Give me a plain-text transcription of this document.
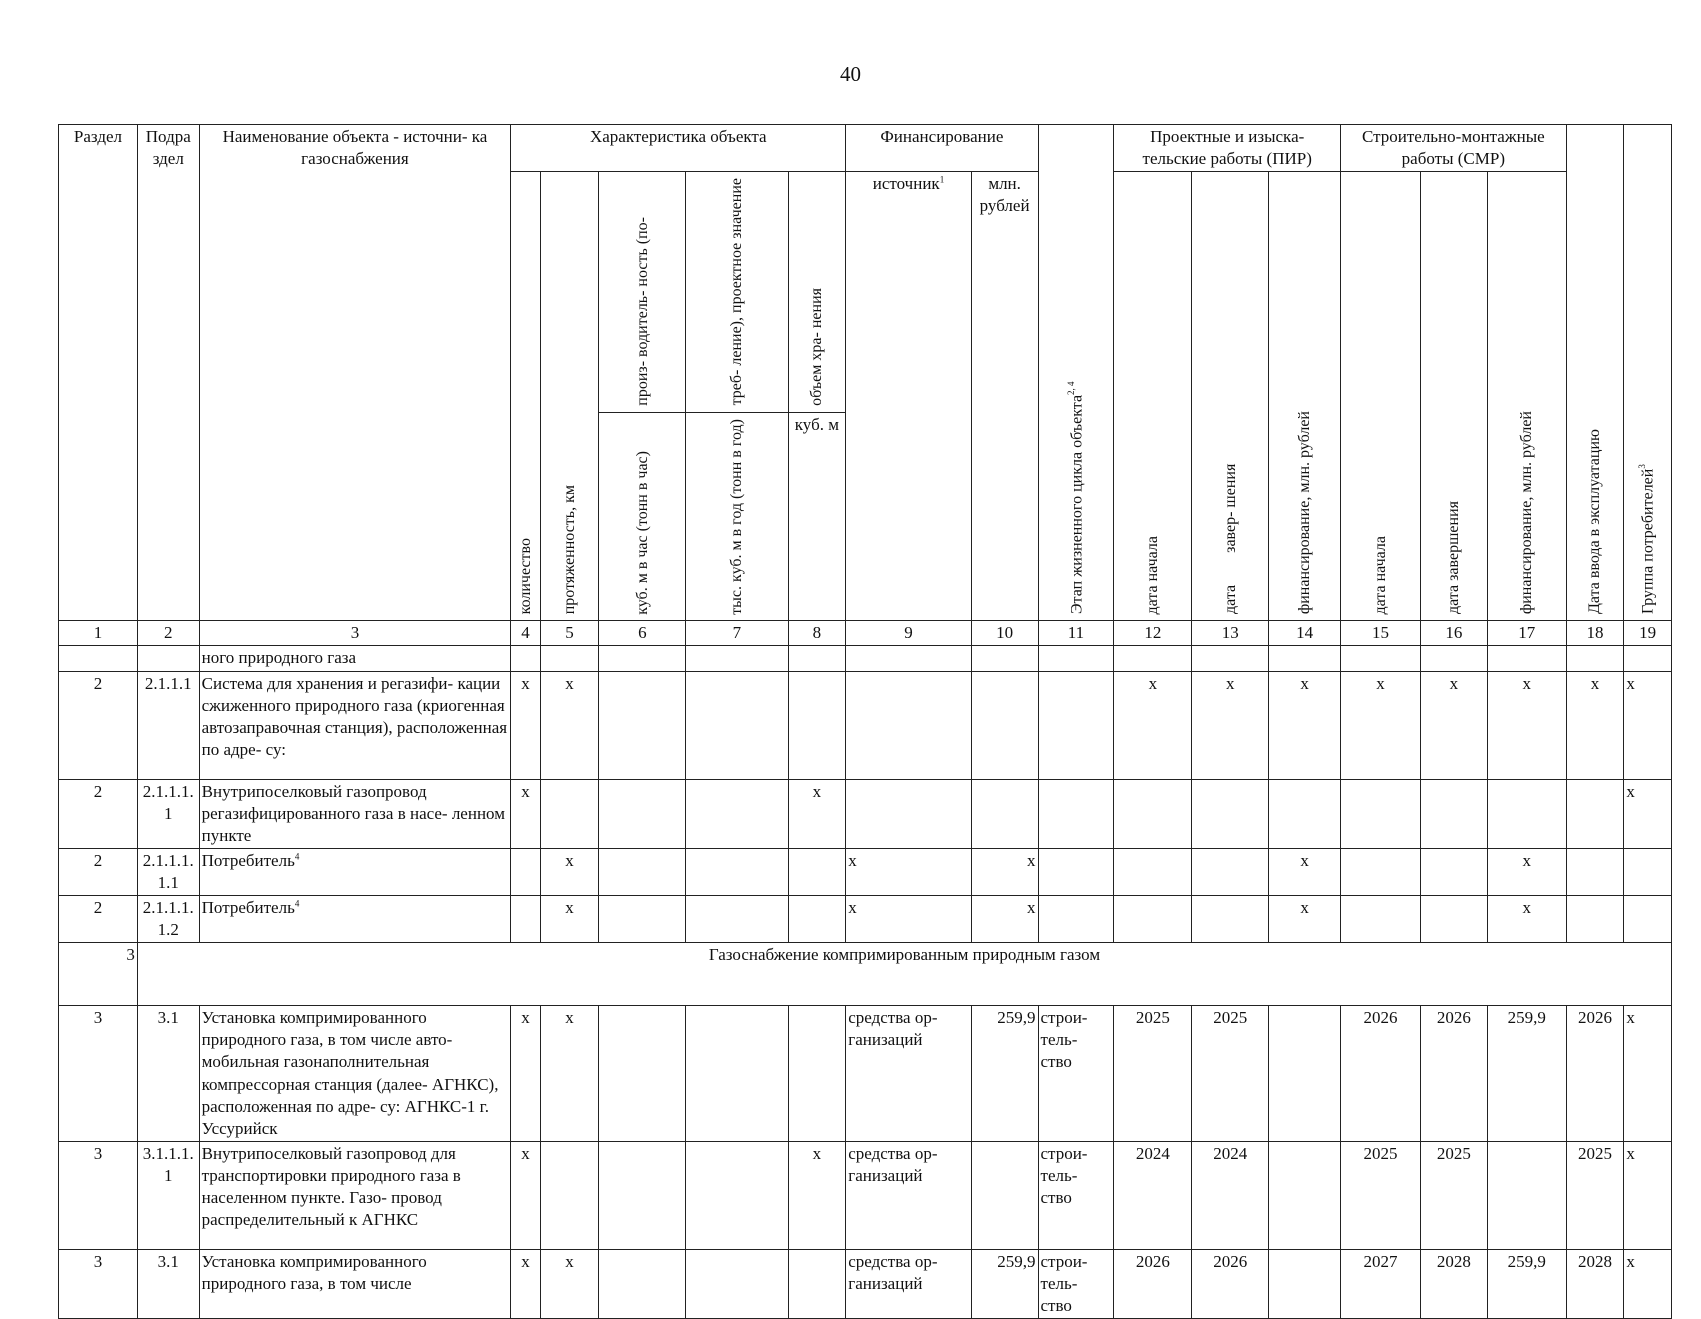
40
Раздел	Подра здел	Наименование объекта - источни- ка газоснабжения	Характеристика объекта					Финансирование		Этап жизненного цикла объекта$^{2, 4}$	Проектные и изыска- тельские работы (ПИР)			Строительно-монтажные работы (СМР)			Дата ввода в эксплуатацию	Группа потребителей$^3$

			количество	протяженность, км	произ- водитель- ность (по-	треб- ление), проектное значение	объем хра- нения	источник$^1$	млн. рублей		дата начала	дата        завер- шения	финансирование, млн. рублей	дата начала	дата завершения	финансирование, млн. рублей		

					куб. м в час (тонн в час)	тыс. куб. м в год (тонн в год)	куб. м											
1	2	3	4	5	6	7	8	9	10	11	12	13	14	15	16	17	18	19
		ного природного газа																
2	2.1.1.1	Система для хранения и регазифи- кации сжиженного природного газа (криогенная автозаправочная станция), расположенная по адре- су:	x	x							x	x	x	x	x	x	x	x
2	2.1.1.1. 1	Внутрипоселковый газопровод регазифицированного газа в насе- ленном пункте	x				x											x
2	2.1.1.1. 1.1	Потребитель$^4$		x				x	x				x			x		
2	2.1.1.1. 1.2	Потребитель$^4$		x				x	x				x			x		
3	Газоснабжение компримированным природным газом																	
3	3.1	Установка компримированного природного газа, в том числе авто- мобильная газонаполнительная компрессорная станция (далее- АГНКС), расположенная по адре- су: АГНКС-1 г. Уссурийск	x	x				средства ор- ганизаций	259,9	строи- тель- ство	2025	2025		2026	2026	259,9	2026	x
3	3.1.1.1. 1	Внутрипоселковый газопровод для транспортировки природного газа в населенном пункте. Газо- провод распределительный к АГНКС	x				x	средства ор- ганизаций		строи- тель- ство	2024	2024		2025	2025		2025	x
3	3.1	Установка компримированного природного газа, в том числе	x	x				средства ор- ганизаций	259,9	строи- тель- ство	2026	2026		2027	2028	259,9	2028	x
